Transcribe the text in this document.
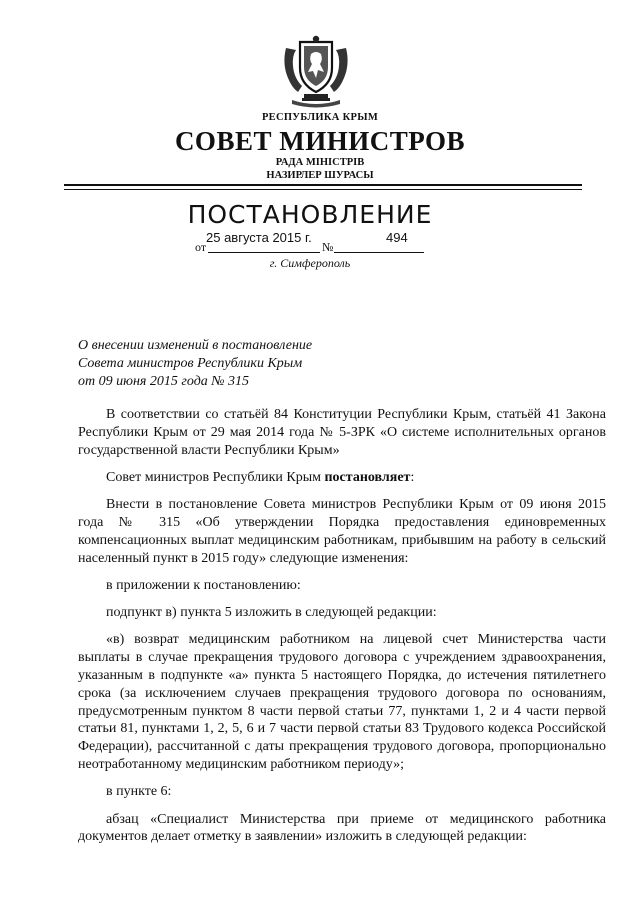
РЕСПУБЛИКА КРЫМ
СОВЕТ МИНИСТРОВ
РАДА МІНІСТРІВ
НАЗИРЛЕР ШУРАСЫ
ПОСТАНОВЛЕНИЕ
25 августа 2015 г.	494
от	№
г. Симферополь
О внесении изменений в постановление
Совета министров Республики Крым
от 09 июня 2015 года № 315

В соответствии со статьёй 84 Конституции Республики Крым, статьёй 41 Закона Республики Крым от 29 мая 2014 года № 5-ЗРК «О системе исполнительных органов государственной власти Республики Крым»

Совет министров Республики Крым постановляет:

Внести в постановление Совета министров Республики Крым от 09 июня 2015 года № 315 «Об утверждении Порядка предоставления единовременных компенсационных выплат медицинским работникам, прибывшим на работу в сельский населенный пункт в 2015 году» следующие изменения:

в приложении к постановлению:

подпункт в) пункта 5 изложить в следующей редакции:

«в) возврат медицинским работником на лицевой счет Министерства части выплаты в случае прекращения трудового договора с учреждением здравоохранения, указанным в подпункте «а» пункта 5 настоящего Порядка, до истечения пятилетнего срока (за исключением случаев прекращения трудового договора по основаниям, предусмотренным пунктом 8 части первой статьи 77, пунктами 1, 2 и 4 части первой статьи 81, пунктами 1, 2, 5, 6 и 7 части первой статьи 83 Трудового кодекса Российской Федерации), рассчитанной с даты прекращения трудового договора, пропорционально неотработанному медицинским работником периоду»;

в пункте 6:

абзац «Специалист Министерства при приеме от медицинского работника документов делает отметку в заявлении» изложить в следующей редакции:
